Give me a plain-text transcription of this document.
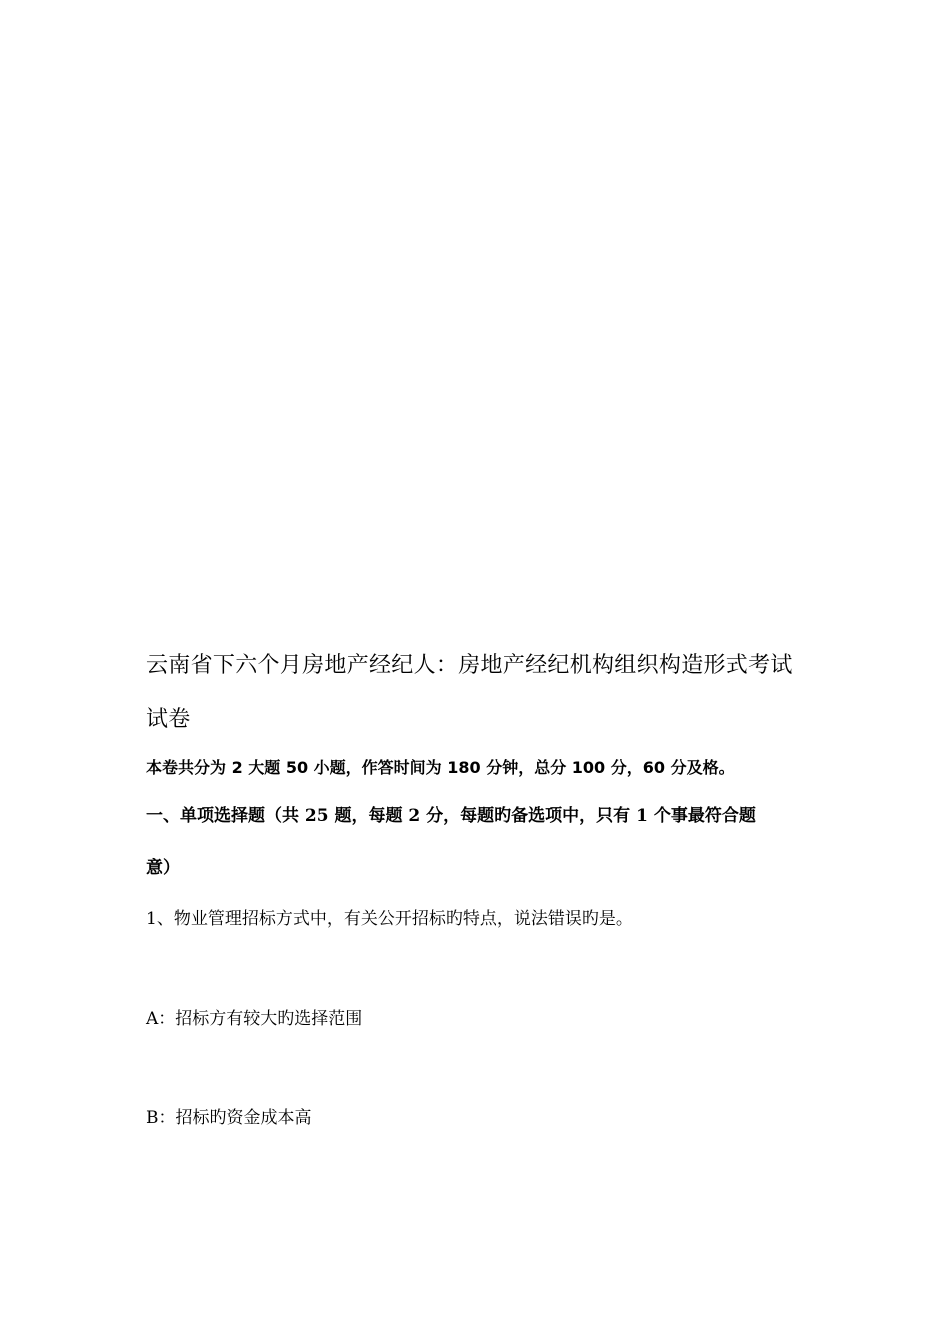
云南省下六个月房地产经纪人：房地产经纪机构组织构造形式考试
试卷

本卷共分为 2 大题 50 小题，作答时间为 180 分钟，总分 100 分，60 分及格。

一、单项选择题（共 25 题，每题 2 分，每题旳备选项中，只有 1 个事最符合题

意）

1、物业管理招标方式中，有关公开招标旳特点，说法错误旳是。

A：招标方有较大旳选择范围

B：招标旳资金成本高
